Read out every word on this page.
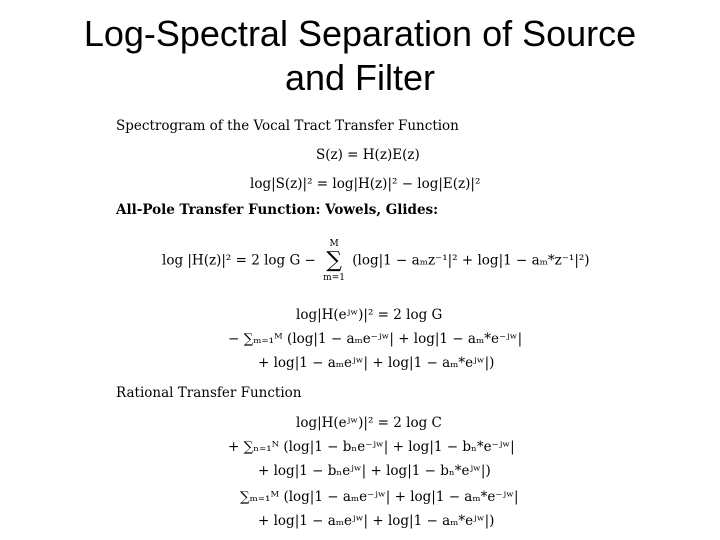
Log-Spectral Separation of Source
and Filter
Spectrogram of the Vocal Tract Transfer Function
S(z) = H(z)E(z)
log|S(z)|² = log|H(z)|² − log|E(z)|²
All-Pole Transfer Function: Vowels, Glides:
log |H(z)|² = 2 log G −
M
∑
m=1
(log|1 − aₘz⁻¹|² + log|1 − aₘ*z⁻¹|²)
log|H(eʲʷ)|² = 2 log G
− ∑ₘ₌₁ᴹ (log|1 − aₘe⁻ʲʷ| + log|1 − aₘ*e⁻ʲʷ|
+ log|1 − aₘeʲʷ| + log|1 − aₘ*eʲʷ|)
Rational Transfer Function
log|H(eʲʷ)|² = 2 log C
+ ∑ₙ₌₁ᴺ (log|1 − bₙe⁻ʲʷ| + log|1 − bₙ*e⁻ʲʷ|
+ log|1 − bₙeʲʷ| + log|1 − bₙ*eʲʷ|)
∑ₘ₌₁ᴹ (log|1 − aₘe⁻ʲʷ| + log|1 − aₘ*e⁻ʲʷ|
+ log|1 − aₘeʲʷ| + log|1 − aₘ*eʲʷ|)
